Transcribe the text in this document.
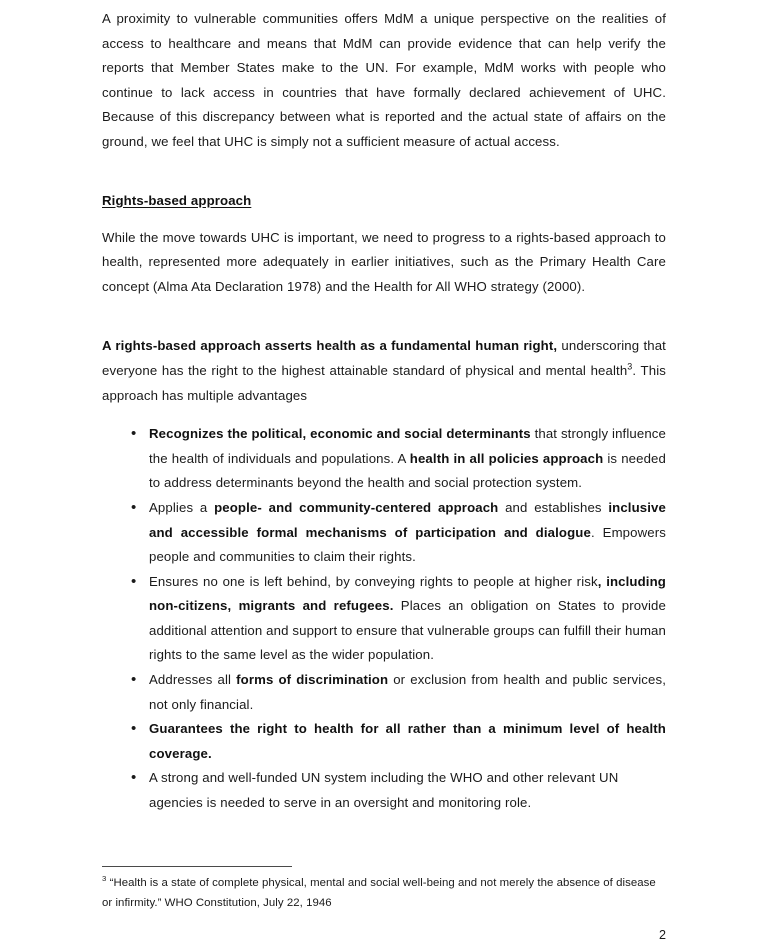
A proximity to vulnerable communities offers MdM a unique perspective on the realities of access to healthcare and means that MdM can provide evidence that can help verify the reports that Member States make to the UN. For example, MdM works with people who continue to lack access in countries that have formally declared achievement of UHC. Because of this discrepancy between what is reported and the actual state of affairs on the ground, we feel that UHC is simply not a sufficient measure of actual access.

Rights-based approach

While the move towards UHC is important, we need to progress to a rights-based approach to health, represented more adequately in earlier initiatives, such as the Primary Health Care concept (Alma Ata Declaration 1978) and the Health for All WHO strategy (2000).

A rights-based approach asserts health as a fundamental human right, underscoring that everyone has the right to the highest attainable standard of physical and mental health$^3$. This approach has multiple advantages

• Recognizes the political, economic and social determinants that strongly influence the health of individuals and populations. A health in all policies approach is needed to address determinants beyond the health and social protection system.
• Applies a people- and community-centered approach and establishes inclusive and accessible formal mechanisms of participation and dialogue. Empowers people and communities to claim their rights.
• Ensures no one is left behind, by conveying rights to people at higher risk, including non-citizens, migrants and refugees. Places an obligation on States to provide additional attention and support to ensure that vulnerable groups can fulfill their human rights to the same level as the wider population.
• Addresses all forms of discrimination or exclusion from health and public services, not only financial.
• Guarantees the right to health for all rather than a minimum level of health coverage.
• A strong and well-funded UN system including the WHO and other relevant UN agencies is needed to serve in an oversight and monitoring role.

$^3$ “Health is a state of complete physical, mental and social well-being and not merely the absence of disease or infirmity.” WHO Constitution, July 22, 1946

2
